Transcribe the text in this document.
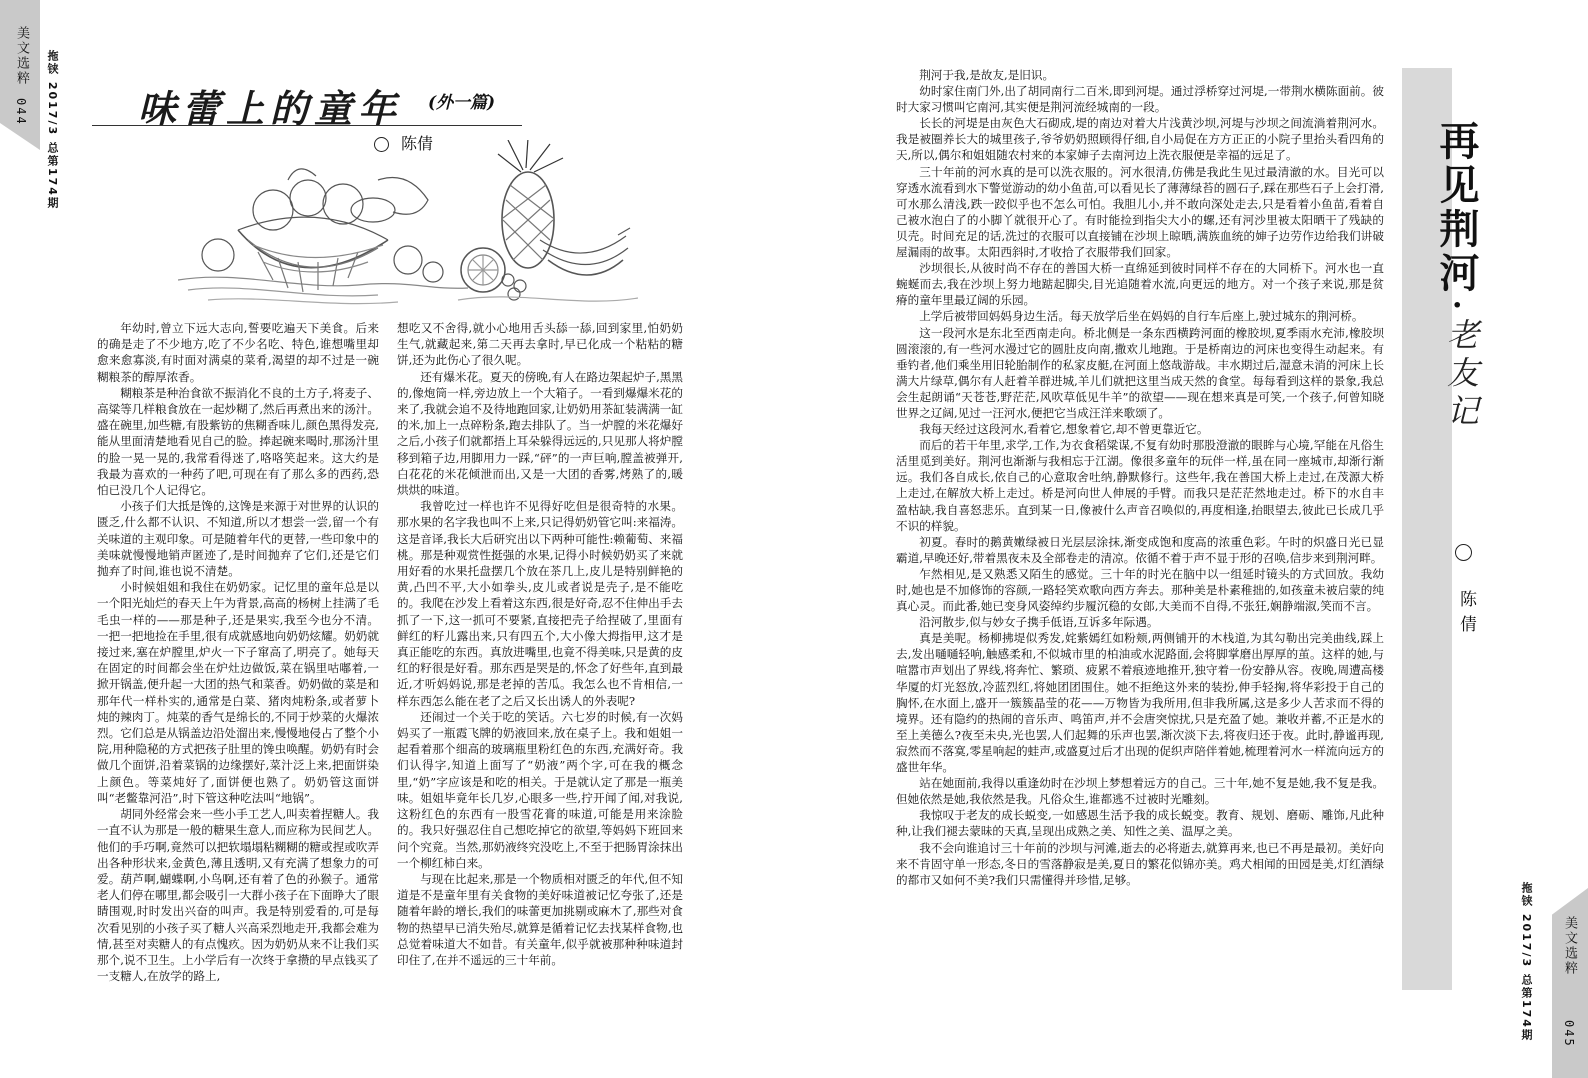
美文选粹
044 拖铗 2017/3 总第174期
美文选粹
045
拖铗 2017/3 总第174期
味蕾上的童年 (外一篇)
陈倩

年幼时,曾立下远大志向,誓要吃遍天下美食。后来的确是走了不少地方,吃了不少名吃、特色,谁想嘴里却愈来愈寡淡,有时面对满桌的菜肴,渴望的却不过是一碗糊粮茶的醇厚浓香。

糊粮茶是种治食欲不振消化不良的土方子,将麦子、高粱等几样粮食放在一起炒糊了,然后再煮出来的汤汁。盛在碗里,加些糖,有股紫钫的焦糊香味儿,颜色黑得发亮,能从里面清楚地看见自己的脸。捧起碗来喝时,那汤汁里的脸一晃一晃的,我常看得迷了,咯咯笑起来。这大约是我最为喜欢的一种药了吧,可现在有了那么多的西药,恐怕已没几个人记得它。

小孩子们大抵是馋的,这馋是来源于对世界的认识的匮乏,什么都不认识、不知道,所以才想尝一尝,留一个有关味道的主观印象。可是随着年代的更替,一些印象中的美味就慢慢地销声匿迹了,是时间抛弃了它们,还是它们抛弃了时间,谁也说不清楚。

小时候姐姐和我住在奶奶家。记忆里的童年总是以一个阳光灿烂的春天上午为背景,高高的杨树上挂满了毛毛虫一样的——那是种子,还是果实,我至今也分不清。一把一把地捡在手里,很有成就感地向奶奶炫耀。奶奶就接过来,塞在炉膛里,炉火一下子窜高了,明亮了。她每天在固定的时间都会坐在炉灶边做饭,菜在锅里咕嘟着,一掀开锅盖,便升起一大团的热气和菜香。奶奶做的菜是和那年代一样朴实的,通常是白菜、猪肉炖粉条,或者萝卜炖的辣肉丁。炖菜的香气是绵长的,不同于炒菜的火爆浓烈。它们总是从锅盖边沿处溜出来,慢慢地侵占了整个小院,用种隐秘的方式把孩子肚里的馋虫唤醒。奶奶有时会做几个面饼,沿着菜锅的边缘摆好,菜汁泛上来,把面饼染上颜色。等菜炖好了,面饼便也熟了。奶奶管这面饼叫“老鳖靠河沿”,时下管这种吃法叫“地锅”。

胡同外经常会来一些小手工艺人,叫卖着捏糖人。我一直不认为那是一般的糖果生意人,而应称为民间艺人。他们的手巧啊,竟然可以把软塌塌粘糊糊的糖或捏或吹弄出各种形状来,金黄色,薄且透明,又有充满了想象力的可爱。葫芦啊,蝴蝶啊,小鸟啊,还有着了色的孙猴子。通常老人们停在哪里,都会吸引一大群小孩子在下面睁大了眼睛围观,时时发出兴奋的叫声。我是特别爱看的,可是每次看见别的小孩子买了糖人兴高采烈地走开,我都会难为情,甚至对卖糖人的有点愧疚。因为奶奶从来不让我们买那个,说不卫生。上小学后有一次终于拿攒的早点钱买了一支糖人,在放学的路上,

想吃又不舍得,就小心地用舌头舔一舔,回到家里,怕奶奶生气,就藏起来,第二天再去拿时,早已化成一个粘粘的糖饼,还为此伤心了很久呢。

还有爆米花。夏天的傍晚,有人在路边架起炉子,黑黑的,像炮筒一样,旁边放上一个大箱子。一看到爆爆米花的来了,我就会追不及待地跑回家,让奶奶用茶缸装满满一缸的米,加上一点碎粉条,跑去排队了。当一炉膛的米花爆好之后,小孩子们就都捂上耳朵躲得远远的,只见那人将炉膛移到箱子边,用脚用力一踩,“砰”的一声巨响,膛盖被弹开,白花花的米花倾泄而出,又是一大团的香雾,烤熟了的,暖烘烘的味道。

我曾吃过一样也许不见得好吃但是很奇特的水果。那水果的名字我也叫不上来,只记得奶奶管它叫:来福涛。这是音译,我长大后研究出以下两种可能性:赖葡萄、来福桃。那是种观赏性挺强的水果,记得小时候奶奶买了来就用好看的水果托盘摆几个放在茶几上,皮儿是特别鲜艳的黄,凸凹不平,大小如拳头,皮儿或者说是壳子,是不能吃的。我爬在沙发上看着这东西,很是好奇,忍不住伸出手去抓了一下,这一抓可不要紧,直接把壳子给捏破了,里面有鲜红的籽儿露出来,只有四五个,大小像大拇指甲,这才是真正能吃的东西。真放进嘴里,也竟不得美味,只是黄的皮红的籽很是好看。那东西是哭是的,怀念了好些年,直到最近,才听妈妈说,那是老掉的苦瓜。我怎么也不肯相信,一样东西怎么能在老了之后又长出诱人的外表呢?

还闹过一个关于吃的笑话。六七岁的时候,有一次妈妈买了一瓶霞飞牌的奶液回来,放在桌子上。我和姐姐一起看着那个细高的玻璃瓶里粉红色的东西,充满好奇。我们认得字,知道上面写了“奶液”两个字,可在我的概念里,“奶”字应该是和吃的相关。于是就认定了那是一瓶美味。姐姐毕竟年长几岁,心眼多一些,拧开闻了闻,对我说,这粉红色的东西有一股雪花膏的味道,可能是用来涂脸的。我只好强忍住自己想吃掉它的欲望,等妈妈下班回来问个究竟。当然,那奶液终究没吃上,不至于把肠胃涂抹出一个柳红柿白来。

与现在比起来,那是一个物质相对匮乏的年代,但不知道是不是童年里有关食物的美好味道被记忆夸张了,还是随着年龄的增长,我们的味蕾更加挑剔或麻木了,那些对食物的热望早已消失殆尽,就算是循着记忆去找某样食物,也总觉着味道大不如昔。有关童年,似乎就被那种种味道封印住了,在并不遥远的三十年前。

荆河于我,是故友,是旧识。

幼时家住南门外,出了胡同南行二百米,即到河堤。通过浮桥穿过河堤,一带荆水横陈面前。彼时大家习惯叫它南河,其实便是荆河流经城南的一段。

长长的河堤是由灰色大石砌成,堤的南边对着大片浅黄沙坝,河堤与沙坝之间流淌着荆河水。我是被圈养长大的城里孩子,爷爷奶奶照顾得仔细,自小局促在方方正正的小院子里抬头看四角的天,所以,偶尔和姐姐随农村来的本家婶子去南河边上洗衣服便是幸福的远足了。

三十年前的河水真的是可以洗衣服的。河水很清,仿佛是我此生见过最清澈的水。目光可以穿透水流看到水下警觉游动的幼小鱼苗,可以看见长了薄薄绿苔的圆石子,踩在那些石子上会打滑,可水那么清浅,跌一跤似乎也不怎么可怕。我胆儿小,并不敢向深处走去,只是看着小鱼苗,看着自己被水泡白了的小脚丫就很开心了。有时能捡到指尖大小的螺,还有河沙里被太阳晒干了残缺的贝壳。时间充足的话,洗过的衣服可以直接铺在沙坝上晾晒,满族血统的婶子边劳作边给我们讲破屋漏雨的故事。太阳西斜时,才收拾了衣服带我们回家。

沙坝很长,从彼时尚不存在的善国大桥一直绵延到彼时同样不存在的大同桥下。河水也一直蜿蜒而去,我在沙坝上努力地踮起脚尖,目光追随着水流,向更远的地方。对一个孩子来说,那是贫瘠的童年里最辽阔的乐园。

上学后被带回妈妈身边生活。每天放学后坐在妈妈的自行车后座上,驶过城东的荆河桥。

这一段河水是东北至西南走向。桥北侧是一条东西横跨河面的橡胶坝,夏季雨水充沛,橡胶坝圆滚滚的,有一些河水漫过它的圆肚皮向南,撒欢儿地跑。于是桥南边的河床也变得生动起来。有垂钓者,他们乘坐用旧轮胎制作的私家皮艇,在河面上悠哉游哉。丰水期过后,湿意未消的河床上长满大片绿草,偶尔有人赶着羊群进城,羊儿们就把这里当成天然的食堂。每每看到这样的景象,我总会生起朗诵“天苍苍,野茫茫,风吹草低见牛羊”的欲望——现在想来真是可笑,一个孩子,何曾知晓世界之辽阔,见过一汪河水,便把它当成汪洋来歌颂了。

我每天经过这段河水,看着它,想象着它,却不曾更靠近它。

而后的若干年里,求学,工作,为衣食稻粱谋,不复有幼时那股澄澈的眼眸与心境,罕能在凡俗生活里觅到美好。荆河也渐渐与我相忘于江湖。像很多童年的玩伴一样,虽在同一座城市,却渐行渐远。我们各自成长,依自己的心意取舍吐纳,静默修行。这些年,我在善国大桥上走过,在茂源大桥上走过,在解放大桥上走过。桥是河向世人伸展的手臂。而我只是茫茫然地走过。桥下的水自丰盈枯缺,我自喜怒悲乐。直到某一日,像被什么声音召唤似的,再度相逢,抬眼望去,彼此已长成几乎不识的样貌。

初夏。春时的鹅黄嫩绿被日光层层涂抹,渐变成饱和度高的浓重色彩。午时的炽盛日光已显霸道,早晚还好,带着黑夜未及全部卷走的清凉。依循不着于声不显于形的召唤,信步来到荆河畔。

乍然相见,是又熟悉又陌生的感觉。三十年的时光在脑中以一组延时镜头的方式回放。我幼时,她也是不加修饰的容颜,一路轻笑欢歌向西方奔去。那种美是朴素稚拙的,如孩童未被启蒙的纯真心灵。而此番,她已变身风姿绰约步履沉稳的女郎,大美而不自得,不张狂,娴静端淑,笑而不言。

沿河散步,似与妙女子携手低语,互诉多年际遇。

真是美呢。杨柳拂堤似秀发,姹紫嫣红如粉颊,两侧铺开的木栈道,为其勾勒出完美曲线,踩上去,发出嗵嗵轻响,触感柔和,不似城市里的柏油或水泥路面,会将脚掌磨出厚厚的茧。这样的她,与喧嚣市声划出了界线,将奔忙、繁琐、疲累不着痕迹地推开,独守着一份安静从容。夜晚,周遭高楼华厦的灯光怒放,冷蓝烈红,将她团团围住。她不拒绝这外来的装扮,伸手轻掬,将华彩投于自己的胸怀,在水面上,盛开一簇簇晶莹的花——万物皆为我所用,但非我所属,这是多少人苦求而不得的境界。还有隐约的热闹的音乐声、鸣笛声,并不会唐突惊扰,只是充盈了她。兼收并蓄,不正是水的至上美德么?夜至未央,光也罢,人们起舞的乐声也罢,渐次淡下去,将夜归还于夜。此时,静谧再现,寂然而不落寞,零星响起的蛙声,或盛夏过后才出现的促织声陪伴着她,梳理着河水一样流向远方的盛世年华。

站在她面前,我得以重逢幼时在沙坝上梦想着远方的自己。三十年,她不复是她,我不复是我。但她依然是她,我依然是我。凡俗众生,谁都逃不过被时光雕刻。

我惊叹于老友的成长蜕变,一如感恩生活予我的成长蜕变。教育、规划、磨砺、雕饰,凡此种种,让我们褪去蒙昧的天真,呈现出成熟之美、知性之美、温厚之美。

我不会向谁追讨三十年前的沙坝与河滩,逝去的必将逝去,就算再来,也已不再是最初。美好向来不肯固守单一形态,冬日的雪落静寂是美,夏日的繁花似锦亦美。鸡犬相闻的田园是美,灯红酒绿的都市又如何不美?我们只需懂得并珍惜,足够。

再见荆河
·
老友记
陈倩
